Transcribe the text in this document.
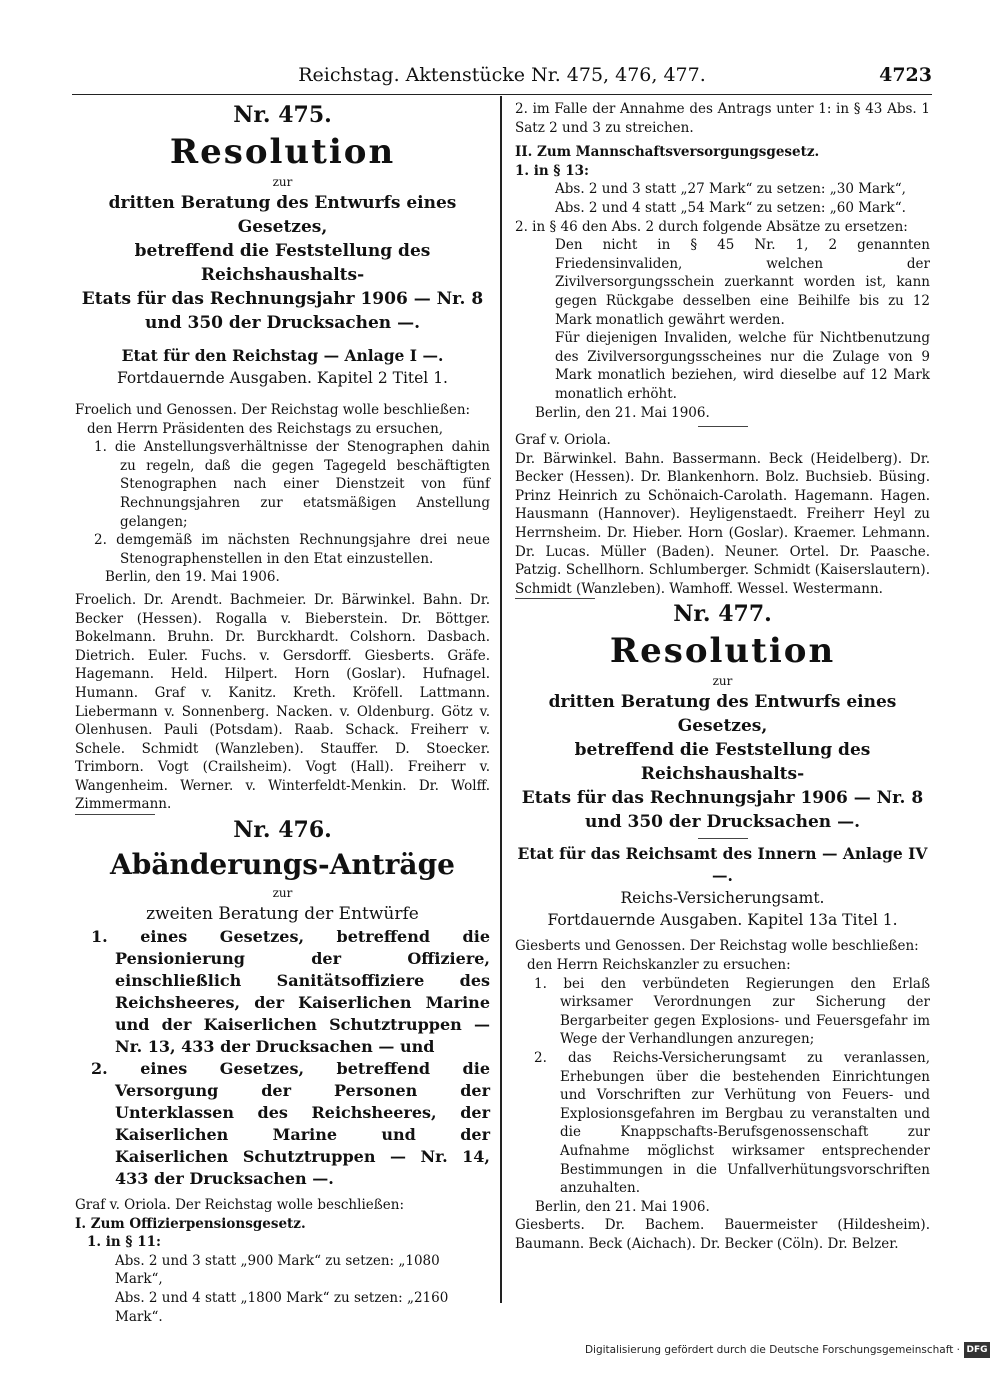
Reichstag. Aktenstücke Nr. 475, 476, 477.	4723
Nr. 475.
Resolution
zur
dritten Beratung des Entwurfs eines Gesetzes,
betreffend die Feststellung des Reichshaushalts-
Etats für das Rechnungsjahr 1906 — Nr. 8
und 350 der Drucksachen —.
Etat für den Reichstag — Anlage I —.
Fortdauernde Ausgaben. Kapitel 2 Titel 1.
Froelich und Genossen. Der Reichstag wolle beschließen:
den Herrn Präsidenten des Reichstags zu ersuchen,
1. die Anstellungsverhältnisse der Stenographen dahin zu regeln, daß die gegen Tagegeld beschäftigten Stenographen nach einer Dienstzeit von fünf Rechnungsjahren zur etatsmäßigen Anstellung gelangen;
2. demgemäß im nächsten Rechnungsjahre drei neue Stenographenstellen in den Etat einzustellen.
Berlin, den 19. Mai 1906.
Froelich. Dr. Arendt. Bachmeier. Dr. Bärwinkel. Bahn. Dr. Becker (Hessen). Rogalla v. Bieberstein. Dr. Böttger. Bokelmann. Bruhn. Dr. Burckhardt. Colshorn. Dasbach. Dietrich. Euler. Fuchs. v. Gersdorff. Giesberts. Gräfe. Hagemann. Held. Hilpert. Horn (Goslar). Hufnagel. Humann. Graf v. Kanitz. Kreth. Kröfell. Lattmann. Liebermann v. Sonnenberg. Nacken. v. Oldenburg. Götz v. Olenhusen. Pauli (Potsdam). Raab. Schack. Freiherr v. Schele. Schmidt (Wanzleben). Stauffer. D. Stoecker. Trimborn. Vogt (Crailsheim). Vogt (Hall). Freiherr v. Wangenheim. Werner. v. Winterfeldt-Menkin. Dr. Wolff. Zimmermann.
Nr. 476.
Abänderungs-Anträge
zur
zweiten Beratung der Entwürfe
1. eines Gesetzes, betreffend die Pensionierung der Offiziere, einschließlich Sanitätsoffiziere des Reichsheeres, der Kaiserlichen Marine und der Kaiserlichen Schutztruppen — Nr. 13, 433 der Drucksachen — und
2. eines Gesetzes, betreffend die Versorgung der Personen der Unterklassen des Reichsheeres, der Kaiserlichen Marine und der Kaiserlichen Schutztruppen — Nr. 14, 433 der Drucksachen —.
Graf v. Oriola. Der Reichstag wolle beschließen:
I. Zum Offizierpensionsgesetz.
1. in § 11:
Abs. 2 und 3 statt „900 Mark“ zu setzen: „1080 Mark“,
Abs. 2 und 4 statt „1800 Mark“ zu setzen: „2160 Mark“.
2. im Falle der Annahme des Antrags unter 1: in § 43 Abs. 1 Satz 2 und 3 zu streichen.
II. Zum Mannschaftsversorgungsgesetz.
1. in § 13:
Abs. 2 und 3 statt „27 Mark“ zu setzen: „30 Mark“,
Abs. 2 und 4 statt „54 Mark“ zu setzen: „60 Mark“.
2. in § 46 den Abs. 2 durch folgende Absätze zu ersetzen:
Den nicht in § 45 Nr. 1, 2 genannten Friedensinvaliden, welchen der Zivilversorgungsschein zuerkannt worden ist, kann gegen Rückgabe desselben eine Beihilfe bis zu 12 Mark monatlich gewährt werden.
Für diejenigen Invaliden, welche für Nichtbenutzung des Zivilversorgungsscheines nur die Zulage von 9 Mark monatlich beziehen, wird dieselbe auf 12 Mark monatlich erhöht.
Berlin, den 21. Mai 1906.
Graf v. Oriola.
Dr. Bärwinkel. Bahn. Bassermann. Beck (Heidelberg). Dr. Becker (Hessen). Dr. Blankenhorn. Bolz. Buchsieb. Büsing. Prinz Heinrich zu Schönaich-Carolath. Hagemann. Hagen. Hausmann (Hannover). Heyligenstaedt. Freiherr Heyl zu Herrnsheim. Dr. Hieber. Horn (Goslar). Kraemer. Lehmann. Dr. Lucas. Müller (Baden). Neuner. Ortel. Dr. Paasche. Patzig. Schellhorn. Schlumberger. Schmidt (Kaiserslautern). Schmidt (Wanzleben). Wamhoff. Wessel. Westermann.
Nr. 477.
Resolution
zur
dritten Beratung des Entwurfs eines Gesetzes,
betreffend die Feststellung des Reichshaushalts-
Etats für das Rechnungsjahr 1906 — Nr. 8
und 350 der Drucksachen —.
Etat für das Reichsamt des Innern — Anlage IV —.
Reichs-Versicherungsamt.
Fortdauernde Ausgaben. Kapitel 13a Titel 1.
Giesberts und Genossen. Der Reichstag wolle beschließen:
den Herrn Reichskanzler zu ersuchen:
1. bei den verbündeten Regierungen den Erlaß wirksamer Verordnungen zur Sicherung der Bergarbeiter gegen Explosions- und Feuersgefahr im Wege der Verhandlungen anzuregen;
2. das Reichs-Versicherungsamt zu veranlassen, Erhebungen über die bestehenden Einrichtungen und Vorschriften zur Verhütung von Feuers- und Explosionsgefahren im Bergbau zu veranstalten und die Knappschafts-Berufsgenossenschaft zur Aufnahme möglichst wirksamer entsprechender Bestimmungen in die Unfallverhütungsvorschriften anzuhalten.
Berlin, den 21. Mai 1906.
Giesberts. Dr. Bachem. Bauermeister (Hildesheim). Baumann. Beck (Aichach). Dr. Becker (Cöln). Dr. Belzer.
Digitalisierung gefördert durch die Deutsche Forschungsgemeinschaft · DFG
